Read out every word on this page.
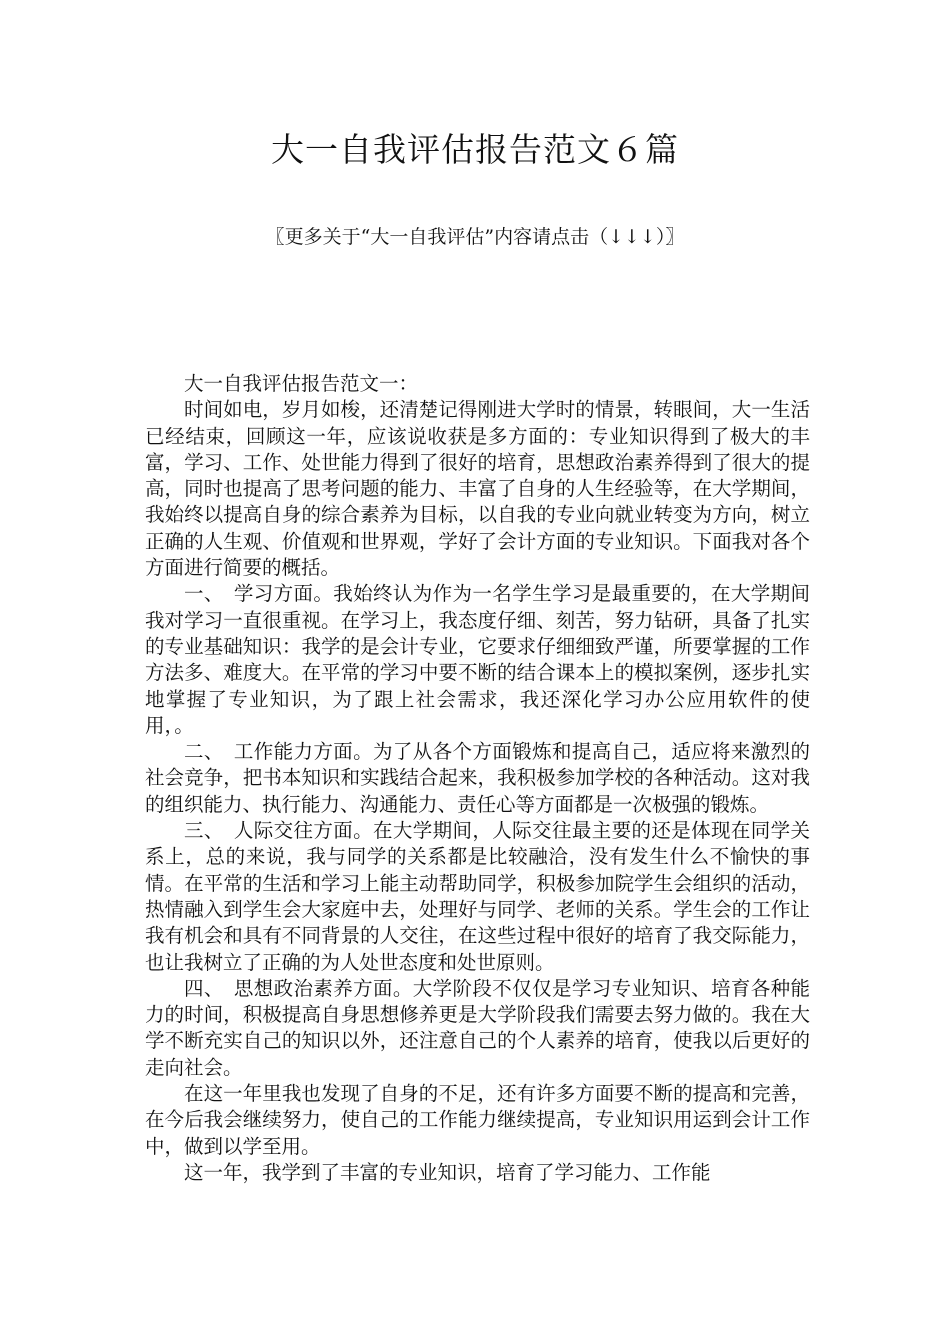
大一自我评估报告范文６篇
〖更多关于“大一自我评估”内容请点击（↓↓↓）〗

大一自我评估报告范文一：

时间如电，岁月如梭，还清楚记得刚进大学时的情景，转眼间，大一生活已经结束，回顾这一年，应该说收获是多方面的：专业知识得到了极大的丰富，学习、工作、处世能力得到了很好的培育，思想政治素养得到了很大的提高，同时也提高了思考问题的能力、丰富了自身的人生经验等，在大学期间，我始终以提高自身的综合素养为目标，以自我的专业向就业转变为方向，树立正确的人生观、价值观和世界观，学好了会计方面的专业知识。下面我对各个方面进行简要的概括。

一、　学习方面。我始终认为作为一名学生学习是最重要的，在大学期间我对学习一直很重视。在学习上，我态度仔细、刻苦，努力钻研，具备了扎实的专业基础知识：我学的是会计专业，它要求仔细细致严谨，所要掌握的工作方法多、难度大。在平常的学习中要不断的结合课本上的模拟案例，逐步扎实地掌握了专业知识，为了跟上社会需求，我还深化学习办公应用软件的使用，。

二、　工作能力方面。为了从各个方面锻炼和提高自己，适应将来激烈的社会竞争，把书本知识和实践结合起来，我积极参加学校的各种活动。这对我的组织能力、执行能力、沟通能力、责任心等方面都是一次极强的锻炼。

三、　人际交往方面。在大学期间，人际交往最主要的还是体现在同学关系上，总的来说，我与同学的关系都是比较融洽，没有发生什么不愉快的事情。在平常的生活和学习上能主动帮助同学，积极参加院学生会组织的活动，热情融入到学生会大家庭中去，处理好与同学、老师的关系。学生会的工作让我有机会和具有不同背景的人交往，在这些过程中很好的培育了我交际能力，也让我树立了正确的为人处世态度和处世原则。

四、　思想政治素养方面。大学阶段不仅仅是学习专业知识、培育各种能力的时间，积极提高自身思想修养更是大学阶段我们需要去努力做的。我在大学不断充实自己的知识以外，还注意自己的个人素养的培育，使我以后更好的走向社会。

在这一年里我也发现了自身的不足，还有许多方面要不断的提高和完善，在今后我会继续努力，使自己的工作能力继续提高，专业知识用运到会计工作中，做到以学至用。

这一年，我学到了丰富的专业知识，培育了学习能力、工作能
